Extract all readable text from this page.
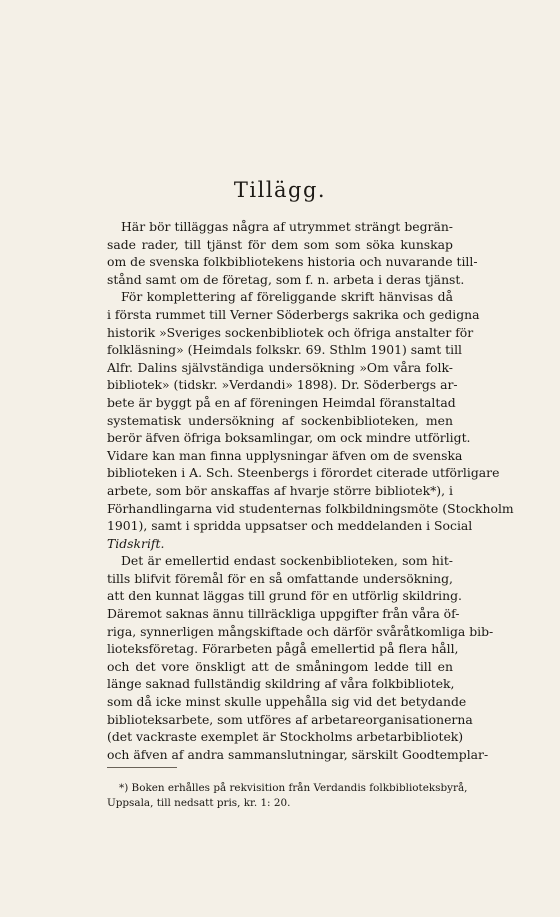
Tillägg.
Här bör tilläggas några af utrymmet strängt begrän-
sade rader, till tjänst för dem som som söka kunskap
om de svenska folkbibliotekens historia och nuvarande till-
stånd samt om de företag, som f. n. arbeta i deras tjänst.
För komplettering af föreliggande skrift hänvisas då
i första rummet till Verner Söderbergs sakrika och gedigna
historik »Sveriges sockenbibliotek och öfriga anstalter för
folkläsning» (Heimdals folkskr. 69. Sthlm 1901) samt till
Alfr. Dalins självständiga undersökning »Om våra folk-
bibliotek» (tidskr. »Verdandi» 1898). Dr. Söderbergs ar-
bete är byggt på en af föreningen Heimdal föranstaltad
systematisk undersökning af sockenbiblioteken, men
berör äfven öfriga boksamlingar, om ock mindre utförligt.
Vidare kan man finna upplysningar äfven om de svenska
biblioteken i A. Sch. Steenbergs i förordet citerade utförligare
arbete, som bör anskaffas af hvarje större bibliotek*), i
Förhandlingarna vid studenternas folkbildningsmöte (Stockholm
1901), samt i spridda uppsatser och meddelanden i Social
Tidskrift.
Det är emellertid endast sockenbiblioteken, som hit-
tills blifvit föremål för en så omfattande undersökning,
att den kunnat läggas till grund för en utförlig skildring.
Däremot saknas ännu tillräckliga uppgifter från våra öf-
riga, synnerligen mångskiftade och därför svåråtkomliga bib-
lioteksföretag. Förarbeten pågå emellertid på flera håll,
och det vore önskligt att de småningom ledde till en
länge saknad fullständig skildring af våra folkbibliotek,
som då icke minst skulle uppehålla sig vid det betydande
biblioteksarbete, som utföres af arbetareorganisationerna
(det vackraste exemplet är Stockholms arbetarbibliotek)
och äfven af andra sammanslutningar, särskilt Goodtemplar-
*) Boken erhålles på rekvisition från Verdandis folkbiblioteksbyrå,
Uppsala, till nedsatt pris, kr. 1: 20.
